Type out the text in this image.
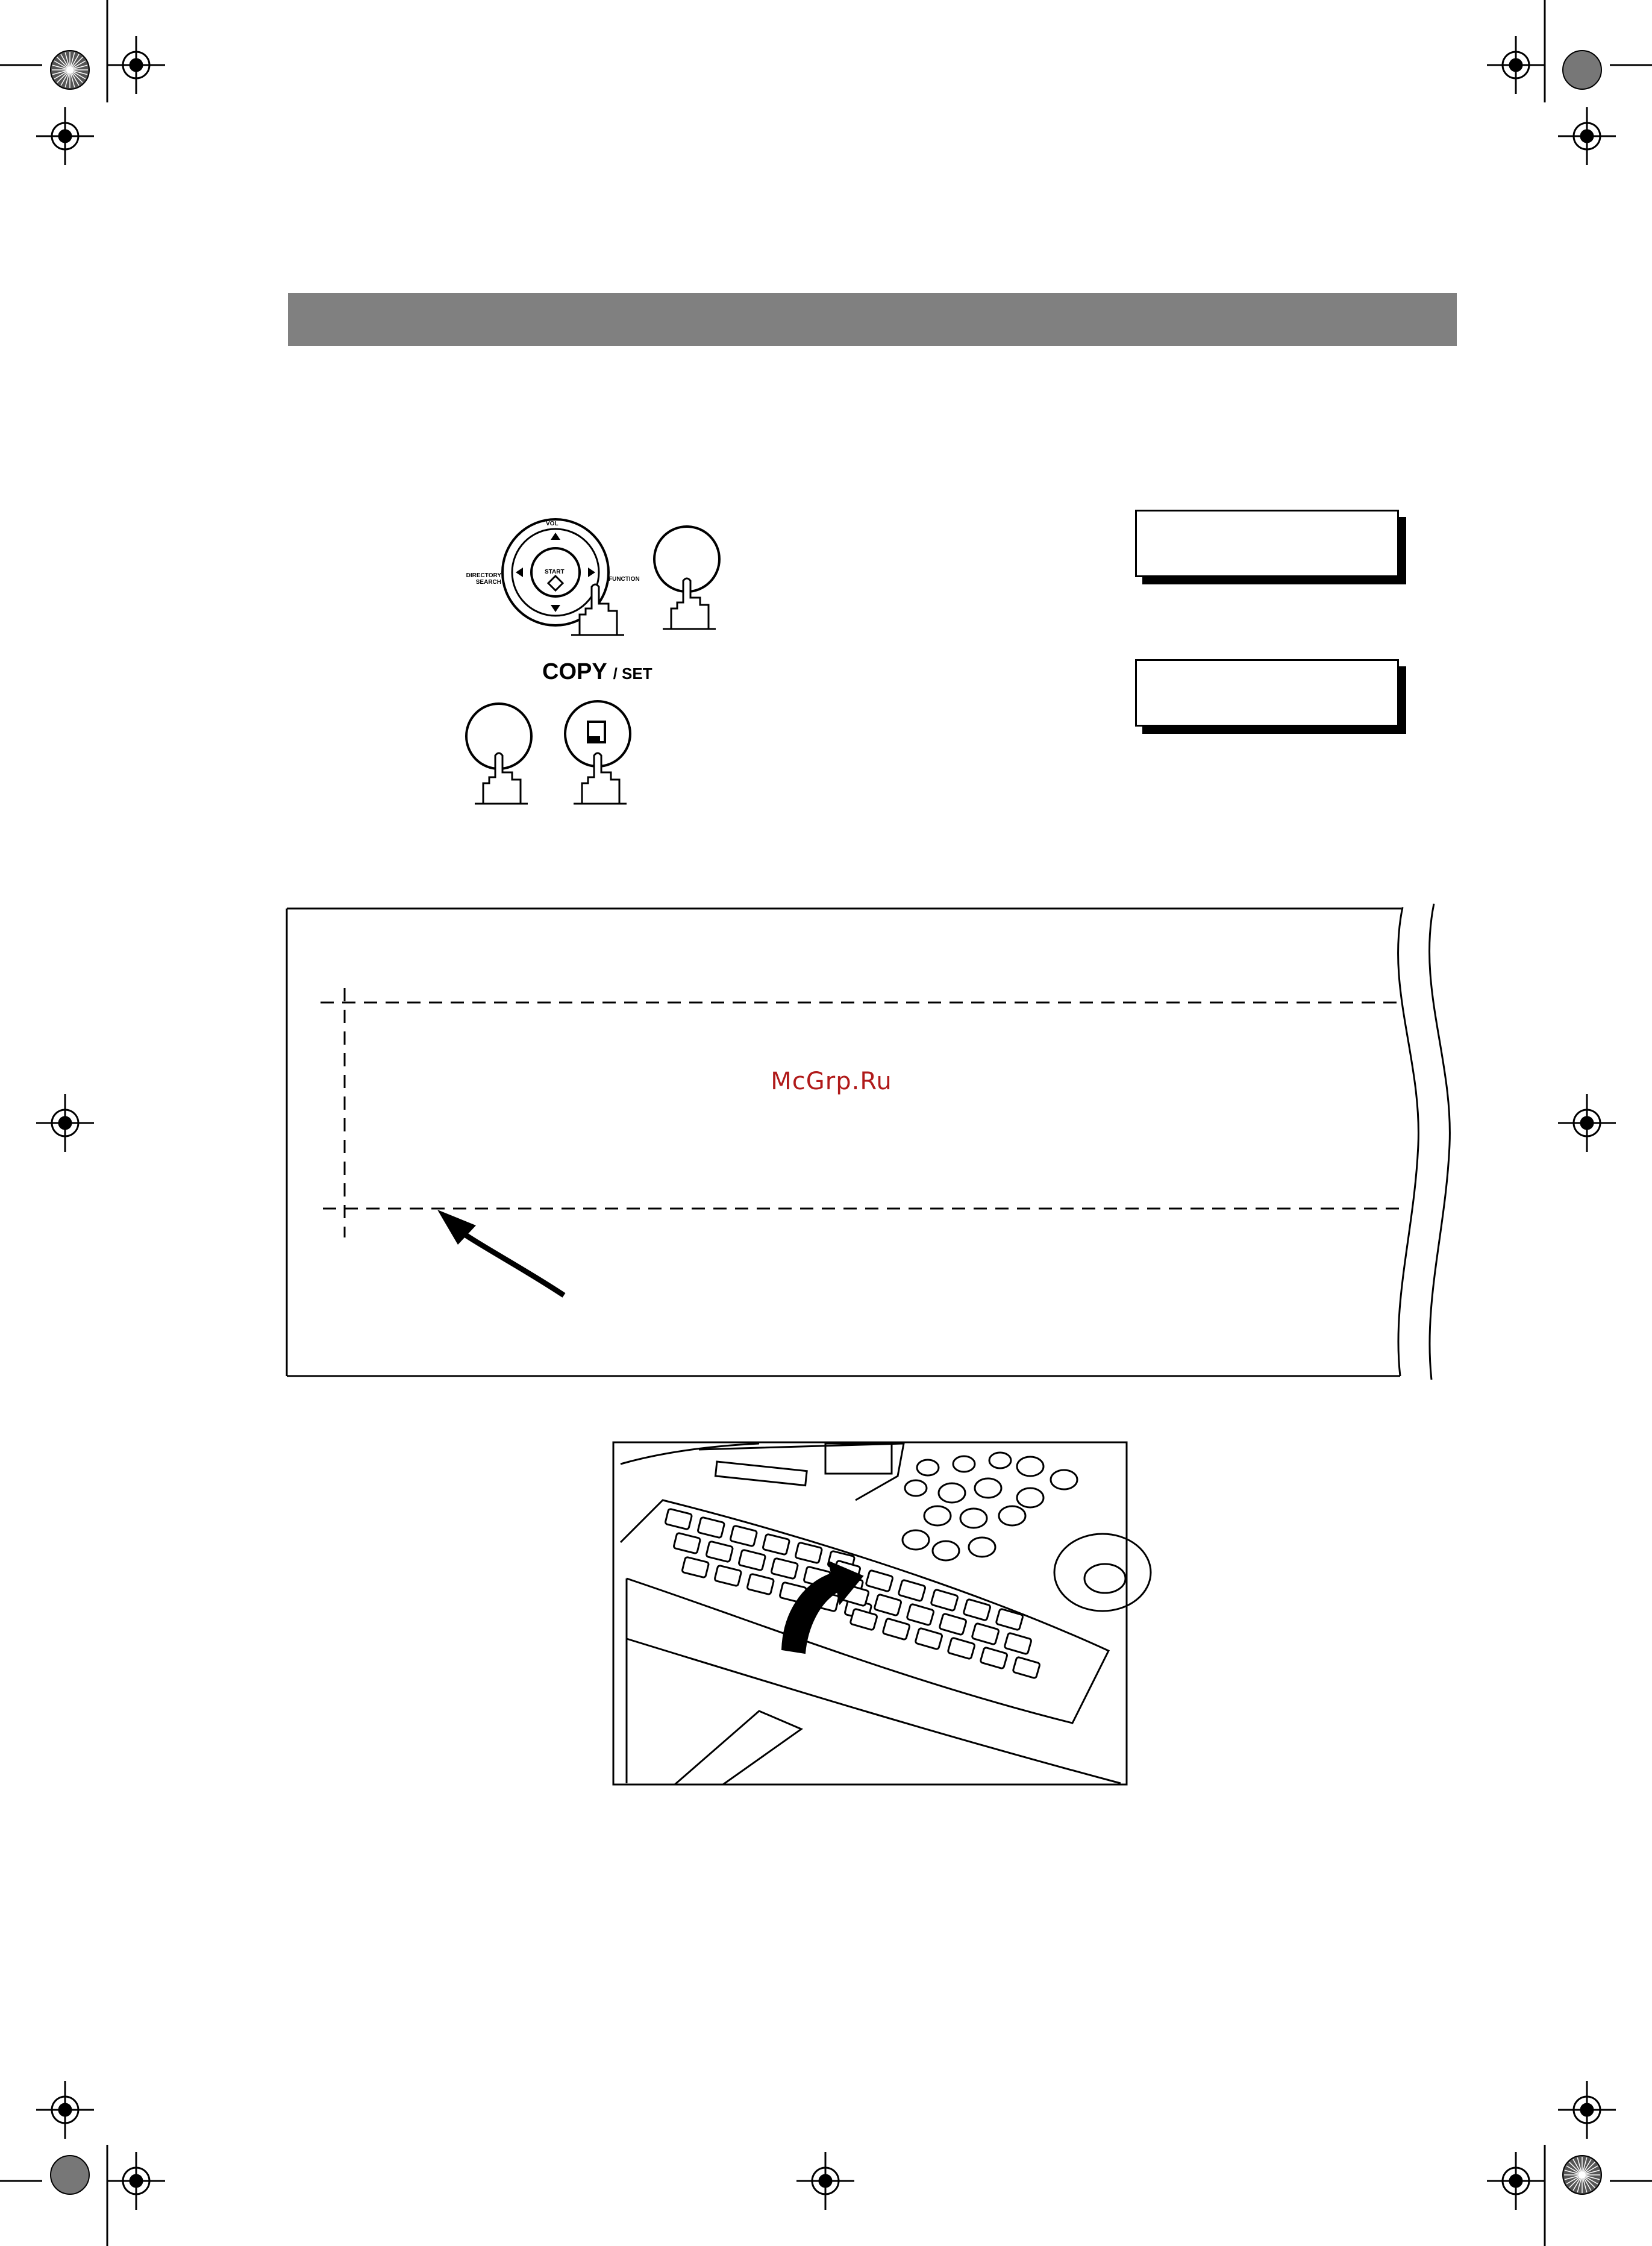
VOL
START
DIRECTORY
SEARCH	FUNCTION
COPY / SET
McGrp.Ru
